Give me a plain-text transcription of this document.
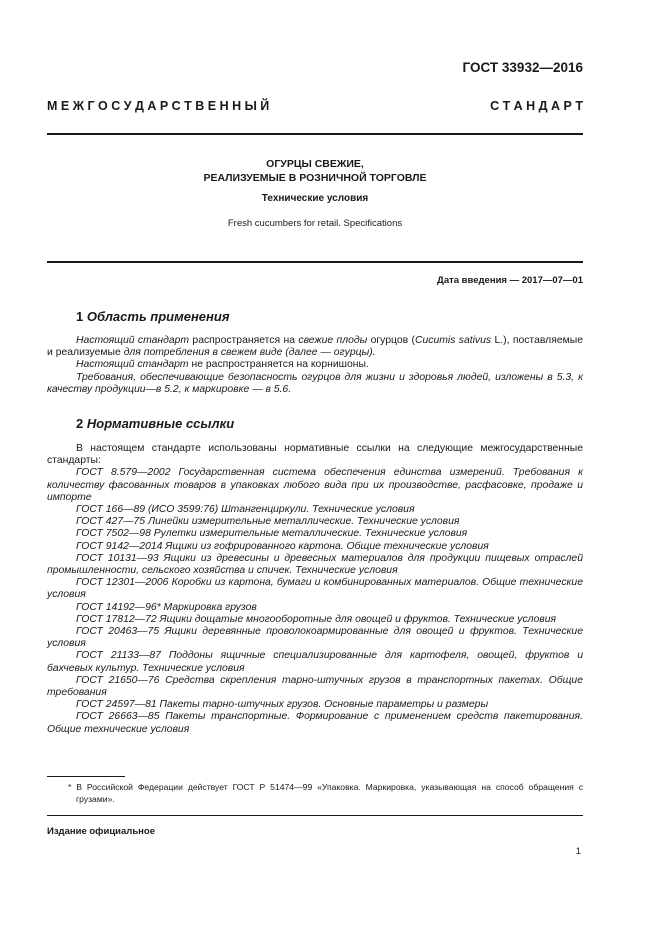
ГОСТ 33932—2016
М Е Ж Г О С У Д А Р С Т В Е Н Н Ы Й	С Т А Н Д А Р Т
ОГУРЦЫ СВЕЖИЕ,
РЕАЛИЗУЕМЫЕ В РОЗНИЧНОЙ ТОРГОВЛЕ
Технические условия
Fresh cucumbers for retail. Specifications
Дата введения — 2017—07—01
1 Область применения

Настоящий стандарт распространяется на свежие плоды огурцов (Cucumis sativus L.), поставляемые и реализуемые для потребления в свежем виде (далее — огурцы).

Настоящий стандарт не распространяется на корнишоны.

Требования, обеспечивающие безопасность огурцов для жизни и здоровья людей, изложены в 5.3, к качеству продукции—в 5.2, к маркировке — в 5.6.

2 Нормативные ссылки

В настоящем стандарте использованы нормативные ссылки на следующие межгосударственные стандарты:

ГОСТ 8.579—2002 Государственная система обеспечения единства измерений. Требования к количеству фасованных товаров в упаковках любого вида при их производстве, расфасовке, продаже и импорте

ГОСТ 166—89 (ИСО 3599:76) Штангенциркули. Технические условия

ГОСТ 427—75 Линейки измерительные металлические. Технические условия

ГОСТ 7502—98 Рулетки измерительные металлические. Технические условия

ГОСТ 9142—2014 Ящики из гофрированного картона. Общие технические условия

ГОСТ 10131—93 Ящики из древесины и древесных материалов для продукции пищевых отраслей промышленности, сельского хозяйства и спичек. Технические условия

ГОСТ 12301—2006 Коробки из картона, бумаги и комбинированных материалов. Общие технические условия

ГОСТ 14192—96* Маркировка грузов

ГОСТ 17812—72 Ящики дощатые многооборотные для овощей и фруктов. Технические условия

ГОСТ 20463—75 Ящики деревянные проволокоармированные для овощей и фруктов. Технические условия

ГОСТ 21133—87 Поддоны ящичные специализированные для картофеля, овощей, фруктов и бахчевых культур. Технические условия

ГОСТ 21650—76 Средства скрепления тарно-штучных грузов в транспортных пакетах. Общие требования

ГОСТ 24597—81 Пакеты тарно-штучных грузов. Основные параметры и размеры

ГОСТ 26663—85 Пакеты транспортные. Формирование с применением средств пакетирования. Общие технические условия

* В Российской Федерации действует ГОСТ Р 51474—99 «Упаковка. Маркировка, указывающая на способ обращения с грузами».

Издание официальное
1
